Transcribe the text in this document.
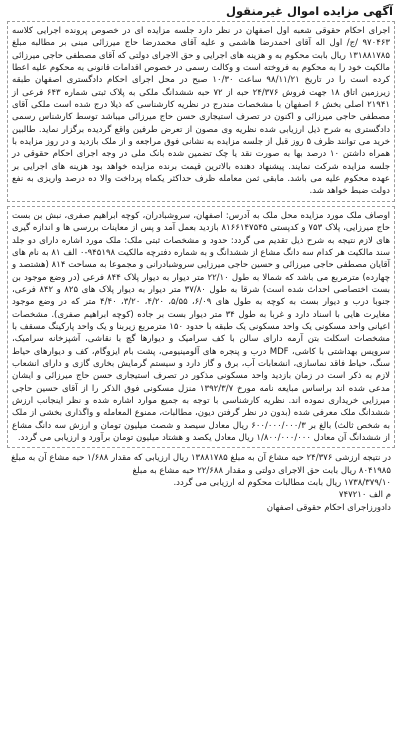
آگهی مزایده اموال غیرمنقول

اجرای احکام حقوقی شعبه اول اصفهان در نظر دارد جلسه مزایده ای در خصوص پرونده اجرایی کلاسه ۹۷۰۴۶۳ /ج/ اول اله آقای احمدرضا هاشمی و علیه آقای محمدرضا حاج میرزائی مبنی بر مطالبه مبلغ ۱۳۱۸۸۱۷۸۵ ریال بابت محکوم به و هزینه های اجرایی و حق الاجرای دولتی که آقای مصطفی حاجی میرزائی مالکیت خود را به محکوم به فروخته است و وکالت رسمی در خصوص اقدامات قانونی به محکوم علیه اعطا کرده است را در تاریخ ۹۸/۱۱/۲۱ ساعت ۱۰/۳۰ صبح در محل اجرای احکام دادگستری اصفهان طبقه زیرزمین اتاق ۱۸ جهت فروش ۲۴/۳۷۶ حبه از ۷۲ حبه ششدانگ ملکی به پلاک ثبتی شماره ۶۴۳ فرعی از ۲۱۹۴۱ اصلی بخش ۶ اصفهان با مشخصات مندرج در نظریه کارشناسی که ذیلا درج شده است ملکی آقای مصطفی حاجی میرزائی و اکنون در تصرف استیجاری حسن حاج میرزائی میباشد توسط کارشناس رسمی دادگستری به شرح ذیل ارزیابی شده نظریه وی مصون از تعرض طرفین واقع گردیده برگزار نماید. طالبین خرید می توانند ظرف ۵ روز قبل از جلسه مزایده به نشانی فوق مراجعه و از ملک بازدید و در روز مزایده با همراه داشتن ۱۰ درصد بها به صورت نقد یا چک تضمین شده بانک ملی در وجه اجرای احکام حقوقی در جلسه مزایده شرکت نمایند. پیشنهاد دهنده بالاترین قیمت برنده مزایده خواهد بود هزینه های اجرایی بر عهده محکوم علیه می باشد. مابقی ثمن معامله ظرف حداکثر یکماه پرداخت والا ده درصد واریزی به نفع دولت ضبط خواهد شد.

اوصاف ملک مورد مزایده محل ملک به آدرس: اصفهان، سروشبادران، کوچه ابراهیم صفری، نبش بن بست حاج میرزایی، پلاک ۷۵۳ و کدپستی ۸۱۶۶۱۴۷۵۴۵ بازدید بعمل آمد و پس از معاینات بررسی ها و اندازه گیری های لازم نتیجه به شرح ذیل تقدیم می گردد: حدود و مشخصات ثبتی ملک: ملک مورد اشاره دارای دو جلد سند مالکیت هر کدام سه دانگ مشاع از ششدانگ و به شماره دفترچه مالکیت ۹۴۵۱۹۸-۰ الف ۸۱ به نام های آقایان مصطفی حاجی میرزائی و حسین حاجی میرزایی سروشبادرانی و مجموعا به مساحت ۸۱۴ (هشتصد و چهارده) مترمربع می باشد که شمالا به طول ۲۲/۱۰ متر دیوار به دیوار پلاک ۸۴۴ فرعی (در وضع موجود بن بست اختصاصی احداث شده است) شرقا به طول ۳۷/۸۰ متر دیوار به دیوار پلاک های ۸۲۵ و ۸۴۲ فرعی، جنوبا درب و دیوار بست به کوچه به طول های ۶/۰۹، ۵/۵۵، ۴/۲۰، ۳/۲۰، ۴/۴۰ متر که در وضع موجود مغایرت هایی با اسناد دارد و غربا به طول ۳۴ متر دیوار بست بر جاده (کوچه ابراهیم صفری). مشخصات اعیانی واحد مسکونی یک واحد مسکونی یک طبقه با حدود ۱۵۰ مترمربع زیربنا و یک واحد پارکینگ مسقف با مشخصات اسکلت بتن آرمه دارای سالن با کف سرامیک و دیوارها گچ با نقاشی، آشپزخانه سرامیک، سرویس بهداشتی با کاشی، MDF درب و پنجره های آلومینیومی، پشت بام ایزوگام، کف و دیوارهای حیاط سنگ، حیاط فاقد نماسازی، انشعابات آب، برق و گاز دارد و سیستم گرمایش بخاری گازی و دارای انشعاب لازم به ذکر است در زمان بازدید واحد مسکونی مذکور در تصرف استیجاری حسن حاج میرزائی و ایشان مدعی شده اند براساس مبایعه نامه مورخ ۱۳۹۲/۳/۷ منزل مسکونی فوق الذکر را از آقای حسین حاجی میرزایی خریداری نموده اند. نظریه کارشناسی با توجه به جمیع موارد اشاره شده و نظر اینجانب ارزش ششدانگ ملک معرفی شده (بدون در نظر گرفتن دیون، مطالبات، ممنوع المعامله و واگذاری بخشی از ملک به شخص ثالث) بالغ بر ۶۰۰/۰۰۰/۰۰۰/۳ ریال معادل سیصد و شصت میلیون تومان و ارزش سه دانگ مشاع از ششدانگ آن معادل ۱/۸۰۰/۰۰۰/۰۰۰ ریال معادل یکصد و هشتاد میلیون تومان برآورد و ارزیابی می گردد.

در نتیجه ارزشی ۲۴/۳۷۶ حبه مشاع آن به مبلغ ۱۳۸۸۱۷۸۵ ریال ارزیابی که مقدار ۱/۶۸۸ حبه مشاع آن به مبلغ ۸۰۴۱۹۸۵ ریال بابت حق الاجرای دولتی و مقدار ۲۲/۶۸۸ حبه مشاع به مبلغ

۱۷۳۸/۳۷۹/۱۰ ریال بابت مطالبات محکوم له ارزیابی می گردد.

م الف ۷۴۷۲۱۰

دادورزاجرای احکام حقوقی اصفهان
